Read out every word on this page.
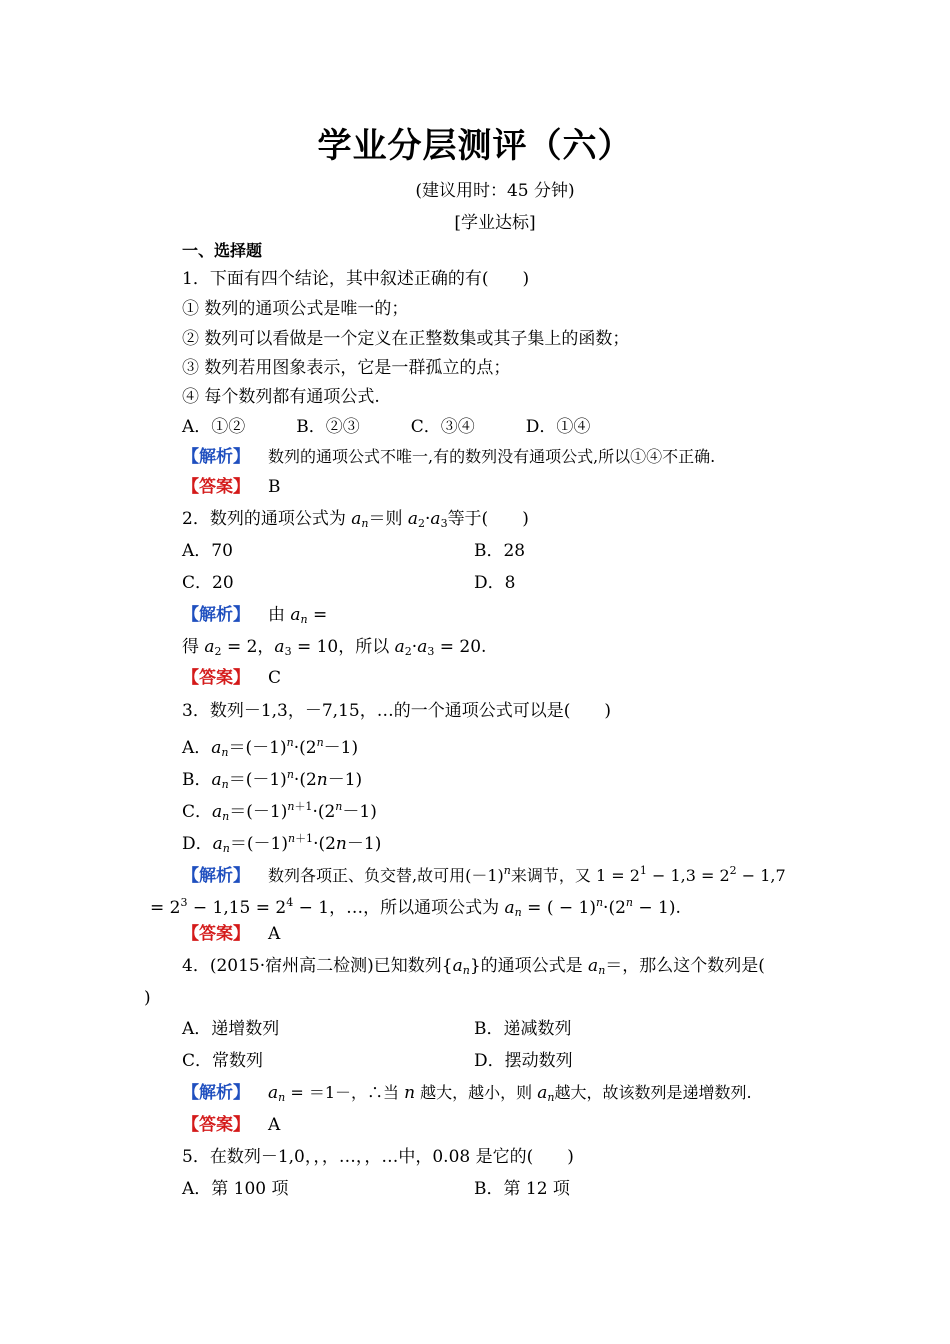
学业分层测评（六）
(建议用时：45 分钟)
[学业达标]
一、选择题
1．下面有四个结论，其中叙述正确的有(　　)
① 数列的通项公式是唯一的；
② 数列可以看做是一个定义在正整数集或其子集上的函数；
③ 数列若用图象表示，它是一群孤立的点；
④ 每个数列都有通项公式.
A．①②　　　B．②③　　　C．③④　　　D．①④
【解析】 数列的通项公式不唯一,有的数列没有通项公式,所以①④不正确.
【答案】 B
2．数列的通项公式为 $a_n=$则 $a_2\cdot a_3$等于(　　)
A．70	B．28
C．20	D．8
【解析】 由 $a_n$ =
得 $a_2 = 2$，$a_3 = 10$，所以 $a_2\cdot a_3 = 20$.
【答案】 C
3．数列－1,3，－7,15，…的一个通项公式可以是(　　)
A．$a_n=(-1)^n\cdot(2^n-1)$
B．$a_n=(-1)^n\cdot(2n-1)$
C．$a_n=(-1)^{n+1}\cdot(2^n-1)$
D．$a_n=(-1)^{n+1}\cdot(2n-1)$
【解析】 数列各项正、负交替,故可用$(-1)^n$来调节，又 $1 = 2^1 - 1,3 = 2^2 - 1,7$
= $2^3 - 1,15 = 2^4 - 1$，…，所以通项公式为 $a_n$ = ( − $1)^n\cdot(2^n - 1)$.
【答案】 A
4．(2015·宿州高二检测)已知数列$\{a_n\}$的通项公式是 $a_n=$，那么这个数列是(
)
A．递增数列	B．递减数列
C．常数列	D．摆动数列
【解析】 $a_n = =1-$，∴当 n 越大，越小，则 $a_n$越大，故该数列是递增数列.
【答案】 A
5．在数列－1,0，，，…，，…中，0.08 是它的(　　)
A．第 100 项	B．第 12 项
